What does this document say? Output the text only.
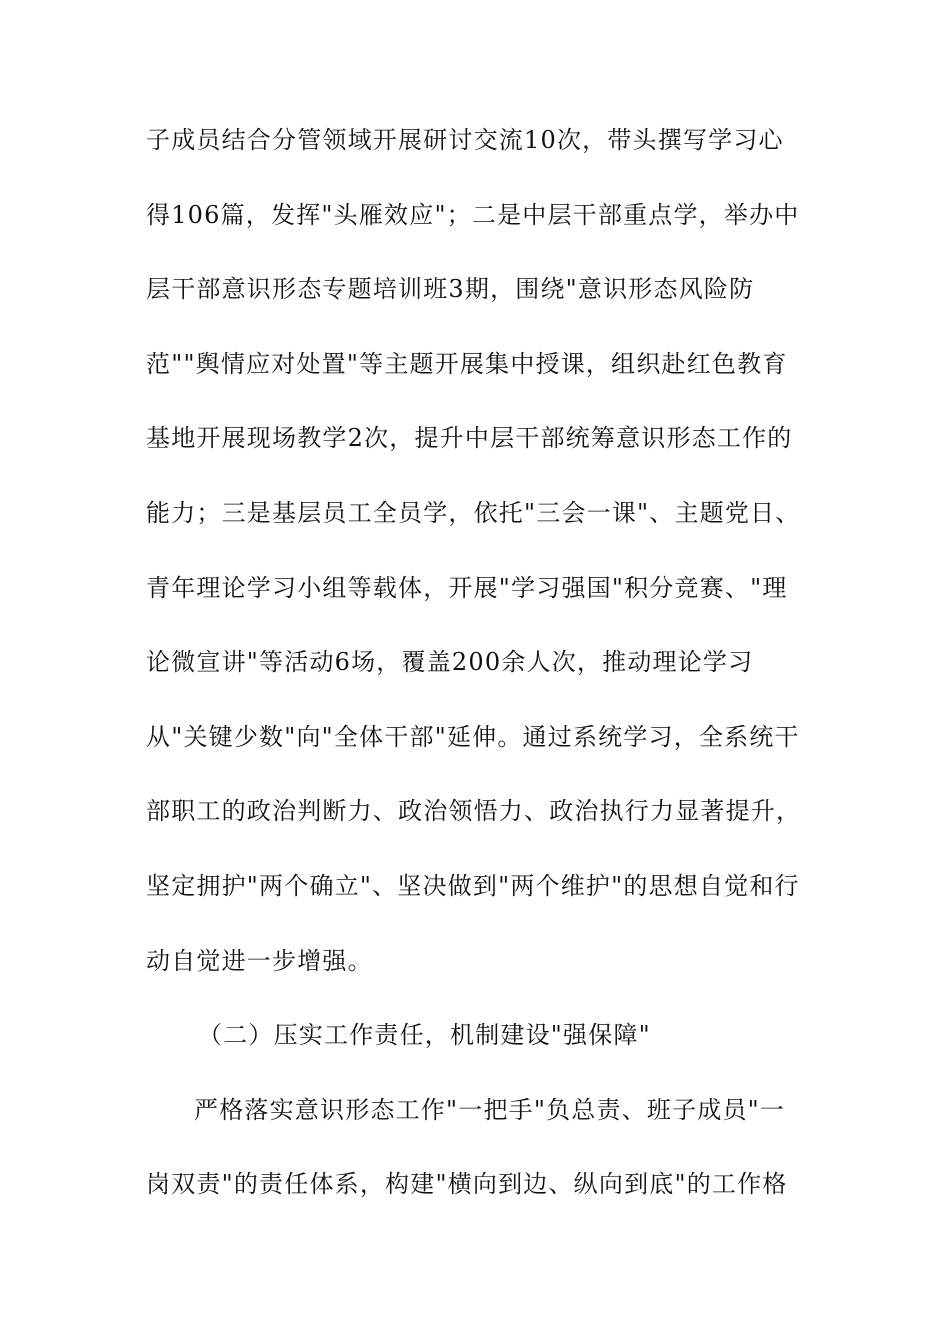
子成员结合分管领域开展研讨交流10次，带头撰写学习心
得106篇，发挥"头雁效应"；二是中层干部重点学，举办中
层干部意识形态专题培训班3期，围绕"意识形态风险防
范""舆情应对处置"等主题开展集中授课，组织赴红色教育
基地开展现场教学2次，提升中层干部统筹意识形态工作的
能力；三是基层员工全员学，依托"三会一课"、主题党日、
青年理论学习小组等载体，开展"学习强国"积分竞赛、"理
论微宣讲"等活动6场，覆盖200余人次，推动理论学习
从"关键少数"向"全体干部"延伸。通过系统学习，全系统干
部职工的政治判断力、政治领悟力、政治执行力显著提升，
坚定拥护"两个确立"、坚决做到"两个维护"的思想自觉和行
动自觉进一步增强。
（二）压实工作责任，机制建设"强保障"
严格落实意识形态工作"一把手"负总责、班子成员"一
岗双责"的责任体系，构建"横向到边、纵向到底"的工作格
